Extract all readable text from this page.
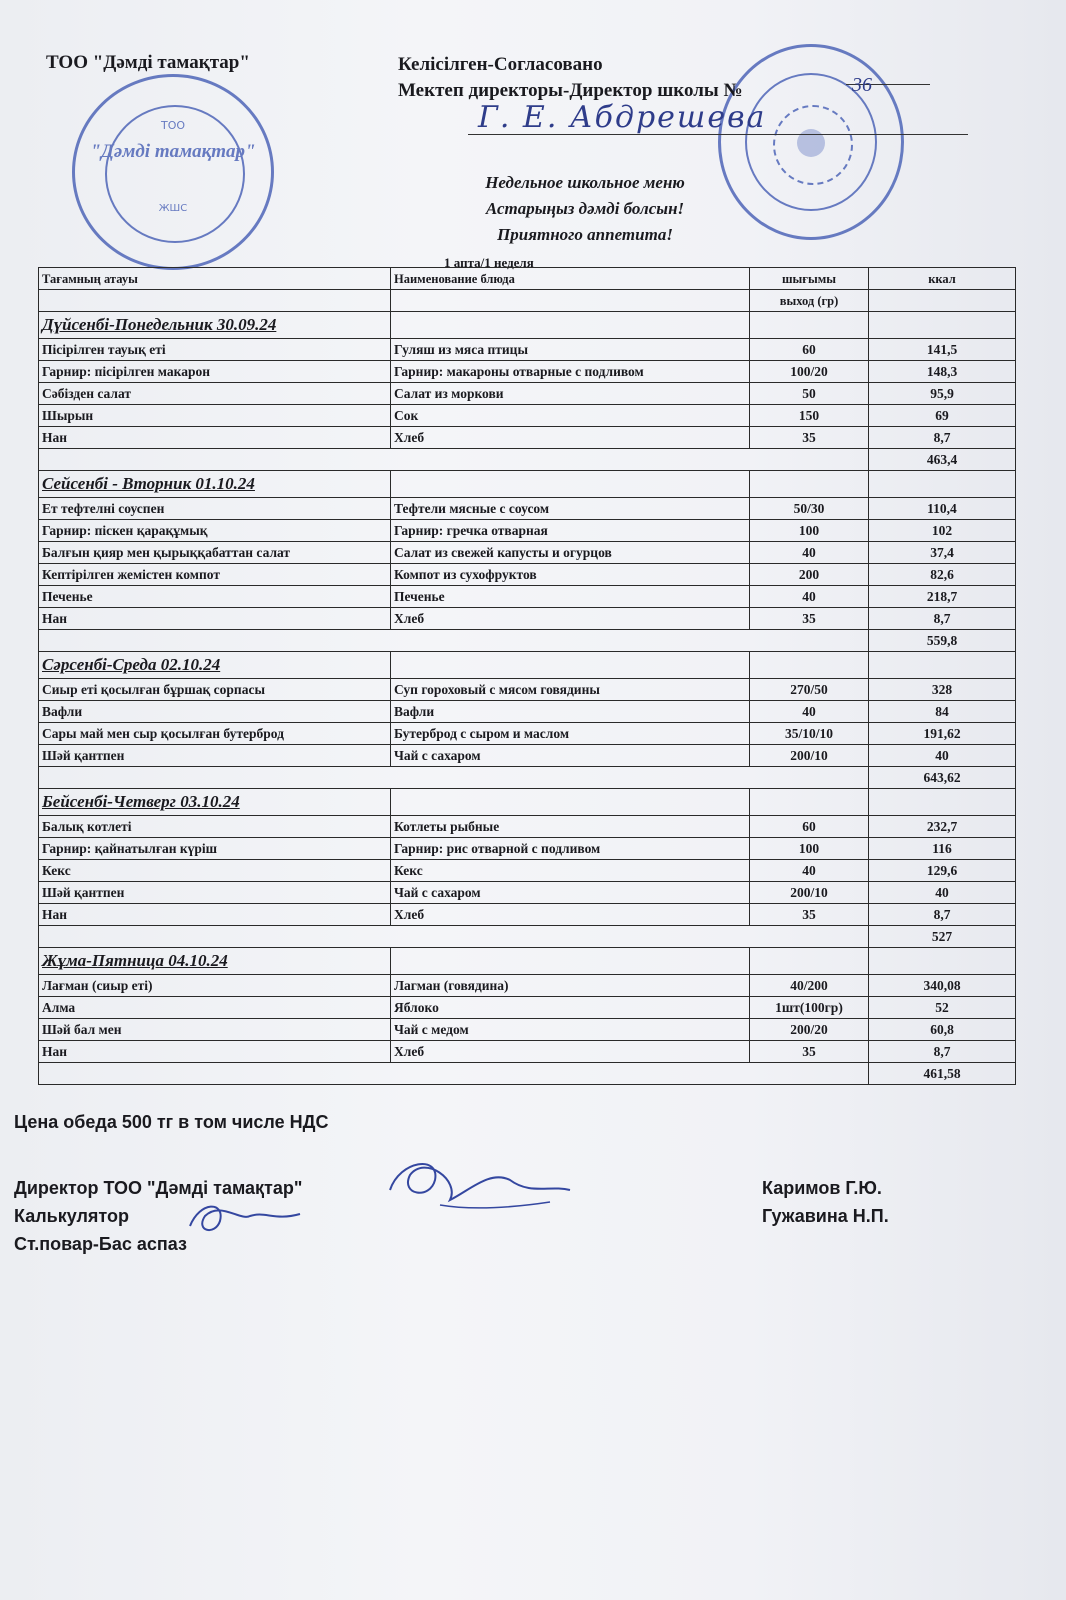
ТОО
"Дәмді тамақтар"
ЖШС
ТОО "Дәмді тамақтар"	Келісілген-Согласовано
Мектеп директоры-Директор школы №	36
Г. Е. Абдрешева
Недельное школьное меню
Астарыңыз дәмді болсын!
Приятного аппетита!
1 апта/1 неделя
Тағамның атауы	Наименование блюда	шығымы	ккал
		выход (гр)	
Дүйсенбі-Понедельник 30.09.24			
Пісірілген тауық еті	Гуляш из мяса птицы	60	141,5
Гарнир: пісірілген макарон	Гарнир: макароны отварные с подливом	100/20	148,3
Сәбізден салат	Салат из моркови	50	95,9
Шырын	Сок	150	69
Нан	Хлеб	35	8,7
			463,4
Сейсенбі - Вторник 01.10.24			
Ет тефтелні соуспен	Тефтели мясные с соусом	50/30	110,4
Гарнир: піскен қарақұмық	Гарнир: гречка отварная	100	102
Балғын қияр мен қырыққабаттан салат	Салат из свежей капусты и огурцов	40	37,4
Кептірілген жемістен компот	Компот из сухофруктов	200	82,6
Печенье	Печенье	40	218,7
Нан	Хлеб	35	8,7
			559,8
Сәрсенбі-Среда 02.10.24			
Сиыр еті қосылған бұршақ сорпасы	Суп гороховый с мясом говядины	270/50	328
Вафли	Вафли	40	84
Сары май мен сыр қосылған бутерброд	Бутерброд с сыром и маслом	35/10/10	191,62
Шәй қантпен	Чай с сахаром	200/10	40
			643,62
Бейсенбі-Четверг 03.10.24			
Балық котлеті	Котлеты рыбные	60	232,7
Гарнир: қайнатылған күріш	Гарнир: рис отварной с подливом	100	116
Кекс	Кекс	40	129,6
Шәй қантпен	Чай с сахаром	200/10	40
Нан	Хлеб	35	8,7
			527
Жұма-Пятница 04.10.24			
Лағман (сиыр еті)	Лагман (говядина)	40/200	340,08
Алма	Яблоко	1шт(100гр)	52
Шәй бал мен	Чай с медом	200/20	60,8
Нан	Хлеб	35	8,7
			461,58
Цена обеда 500 тг в том числе НДС
Директор ТОО "Дәмді тамақтар"
Калькулятор
Ст.повар-Бас аспаз
Каримов Г.Ю.
Гужавина Н.П.
